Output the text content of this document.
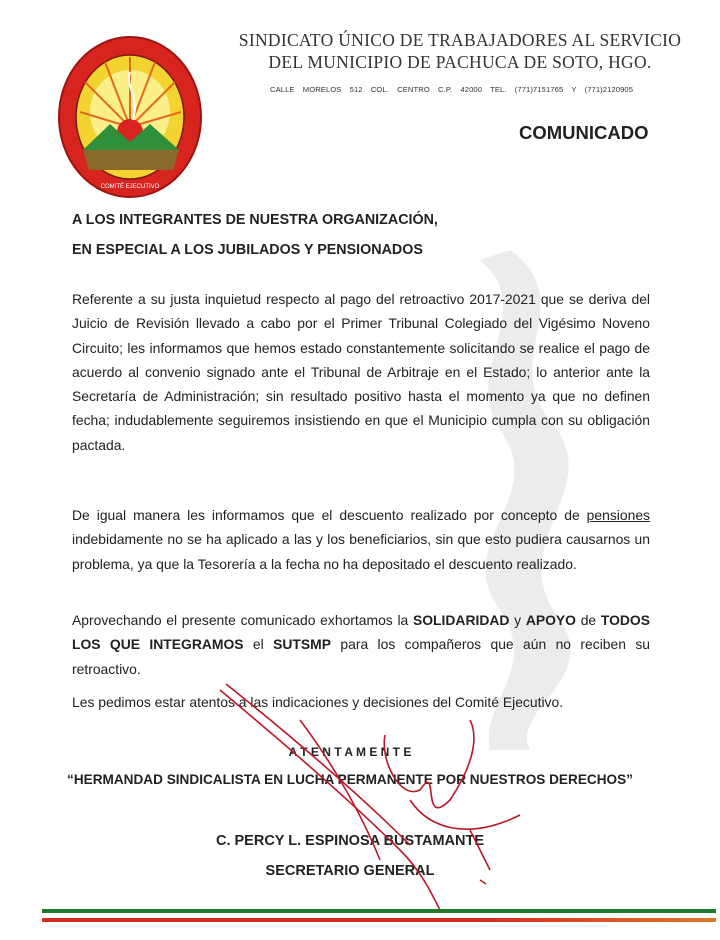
COMITÉ EJECUTIVO
SINDICATO ÚNICO DE TRABAJADORES AL SERVICIO
DEL MUNICIPIO DE PACHUCA DE SOTO, HGO.
CALLE MORELOS 512 COL. CENTRO C.P. 42000 TEL. (771)7151765 Y (771)2120905
COMUNICADO
A LOS INTEGRANTES DE NUESTRA ORGANIZACIÓN,
EN ESPECIAL A LOS JUBILADOS Y PENSIONADOS

Referente a su justa inquietud respecto al pago del retroactivo 2017-2021 que se deriva del Juicio de Revisión llevado a cabo por el Primer Tribunal Colegiado del Vigésimo Noveno Circuito; les informamos que hemos estado constantemente solicitando se realice el pago de acuerdo al convenio signado ante el Tribunal de Arbitraje en el Estado; lo anterior ante la Secretaría de Administración; sin resultado positivo hasta el momento ya que no definen fecha; indudablemente seguiremos insistiendo en que el Municipio cumpla con su obligación pactada.

De igual manera les informamos que el descuento realizado por concepto de pensiones indebidamente no se ha aplicado a las y los beneficiarios, sin que esto pudiera causarnos un problema, ya que la Tesorería a la fecha no ha depositado el descuento realizado.

Aprovechando el presente comunicado exhortamos la SOLIDARIDAD y APOYO de TODOS LOS QUE INTEGRAMOS el SUTSMP para los compañeros que aún no reciben su retroactivo.

Les pedimos estar atentos a las indicaciones y decisiones del Comité Ejecutivo.

A T E N T A M E N T E
“HERMANDAD SINDICALISTA EN LUCHA PERMANENTE POR NUESTROS DERECHOS”
C. PERCY L. ESPINOSA BUSTAMANTE
SECRETARIO GENERAL
